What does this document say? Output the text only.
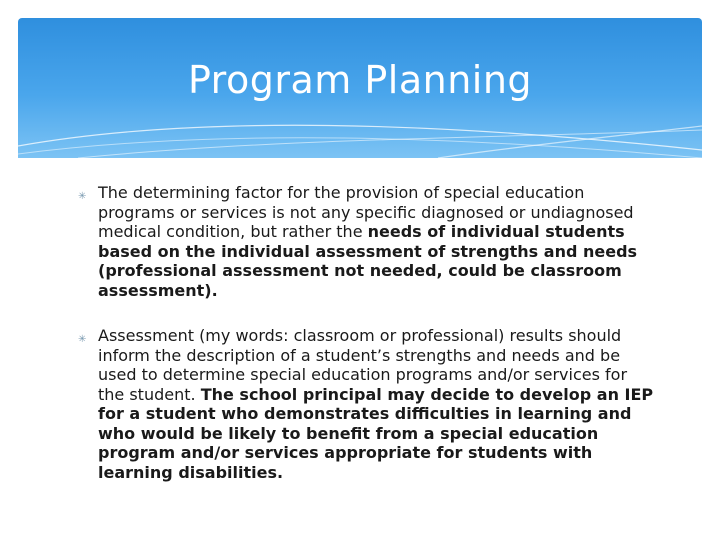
Program Planning
✳ The determining factor for the provision of special education programs or services is not any specific diagnosed or undiagnosed medical condition, but rather the needs of individual students based on the individual assessment of strengths and needs (professional assessment not needed, could be classroom assessment).
✳ Assessment (my words: classroom or professional) results should inform the description of a student’s strengths and needs and be used to determine special education programs and/or services for the student. The school principal may decide to develop an IEP for a student who demonstrates difficulties in learning and who would be likely to benefit from a special education program and/or services appropriate for students with learning disabilities.
